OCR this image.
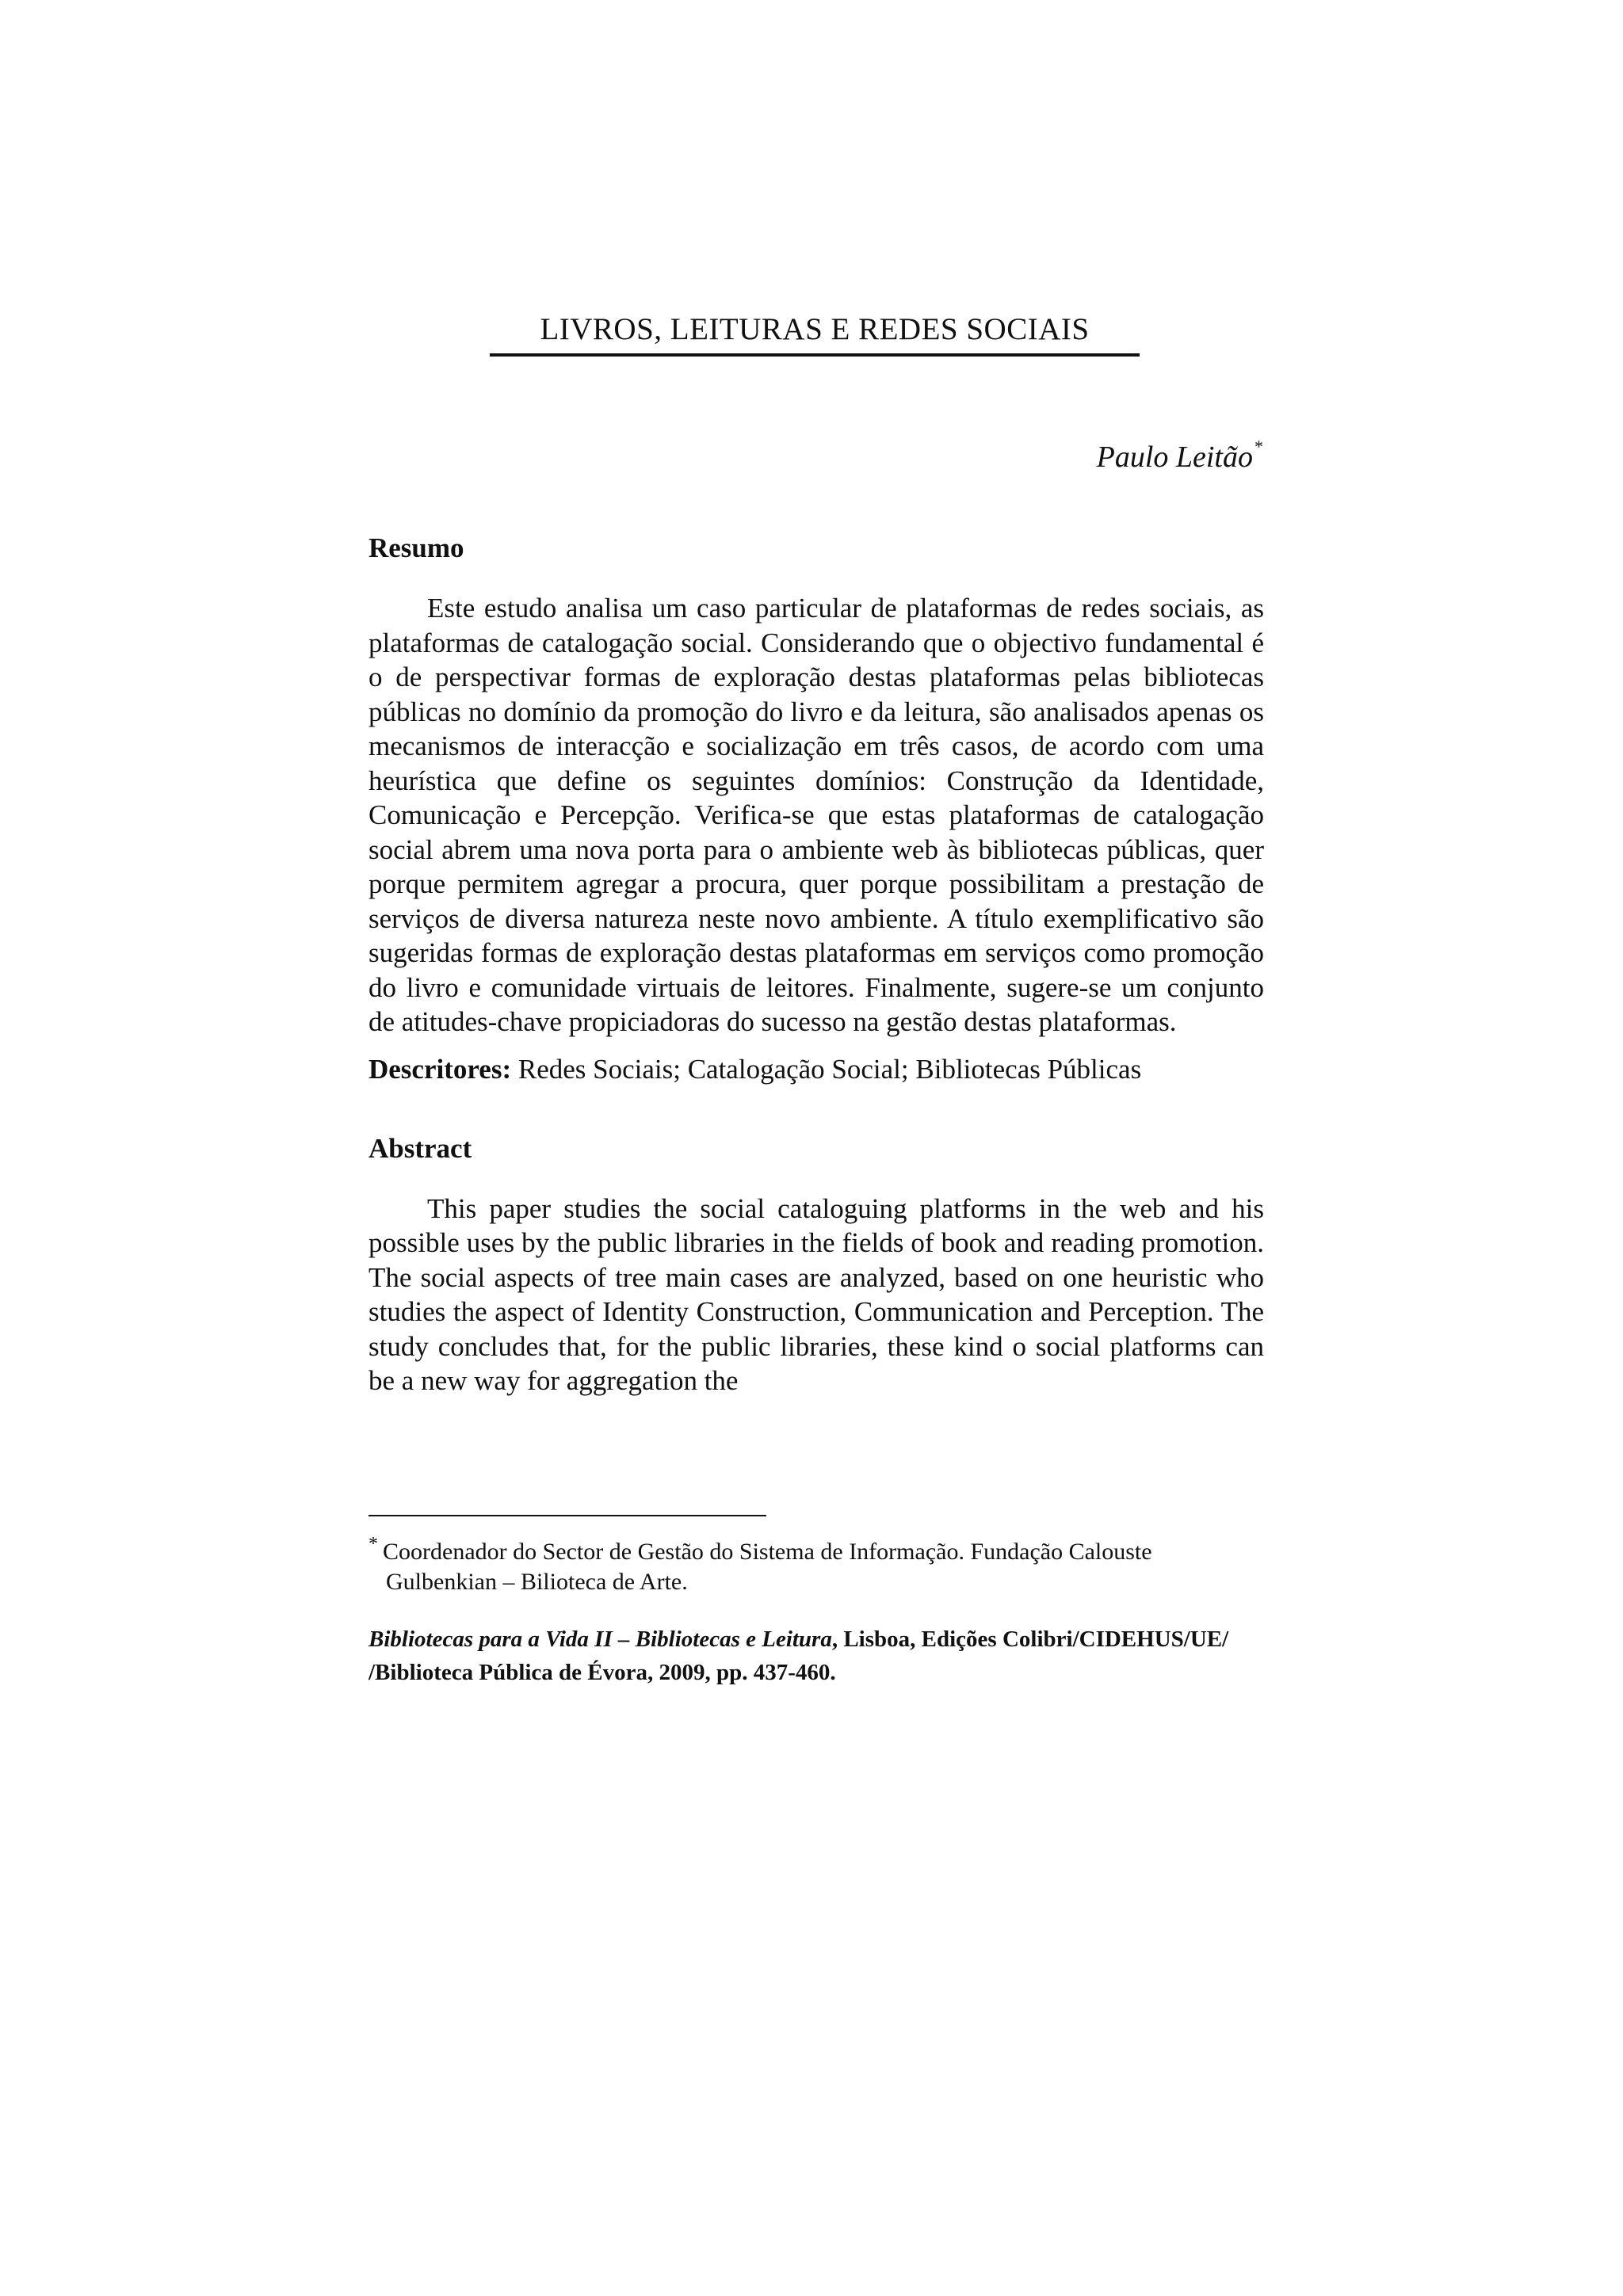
LIVROS, LEITURAS E REDES SOCIAIS
Paulo Leitão*
Resumo

Este estudo analisa um caso particular de plataformas de redes sociais, as plataformas de catalogação social. Considerando que o objectivo fundamental é o de perspectivar formas de exploração destas plataformas pelas bibliotecas públicas no domínio da promoção do livro e da leitura, são analisados apenas os mecanismos de interacção e socialização em três casos, de acordo com uma heurística que define os seguintes domínios: Construção da Identidade, Comunicação e Percepção. Verifica-se que estas plataformas de catalogação social abrem uma nova porta para o ambiente web às bibliotecas públicas, quer porque permitem agregar a procura, quer porque possibilitam a prestação de serviços de diversa natureza neste novo ambiente. A título exemplificativo são sugeridas formas de exploração destas plataformas em serviços como promoção do livro e comunidade virtuais de leitores. Finalmente, sugere-se um conjunto de atitudes-chave propiciadoras do sucesso na gestão destas plataformas.

Descritores: Redes Sociais; Catalogação Social; Bibliotecas Públicas

Abstract

This paper studies the social cataloguing platforms in the web and his possible uses by the public libraries in the fields of book and reading promotion. The social aspects of tree main cases are analyzed, based on one heuristic who studies the aspect of Identity Construction, Communication and Perception. The study concludes that, for the public libraries, these kind o social platforms can be a new way for aggregation the

* Coordenador do Sector de Gestão do Sistema de Informação. Fundação Calouste
Gulbenkian – Bilioteca de Arte.
Bibliotecas para a Vida II – Bibliotecas e Leitura, Lisboa, Edições Colibri/CIDEHUS/UE/
/Biblioteca Pública de Évora, 2009, pp. 437-460.
